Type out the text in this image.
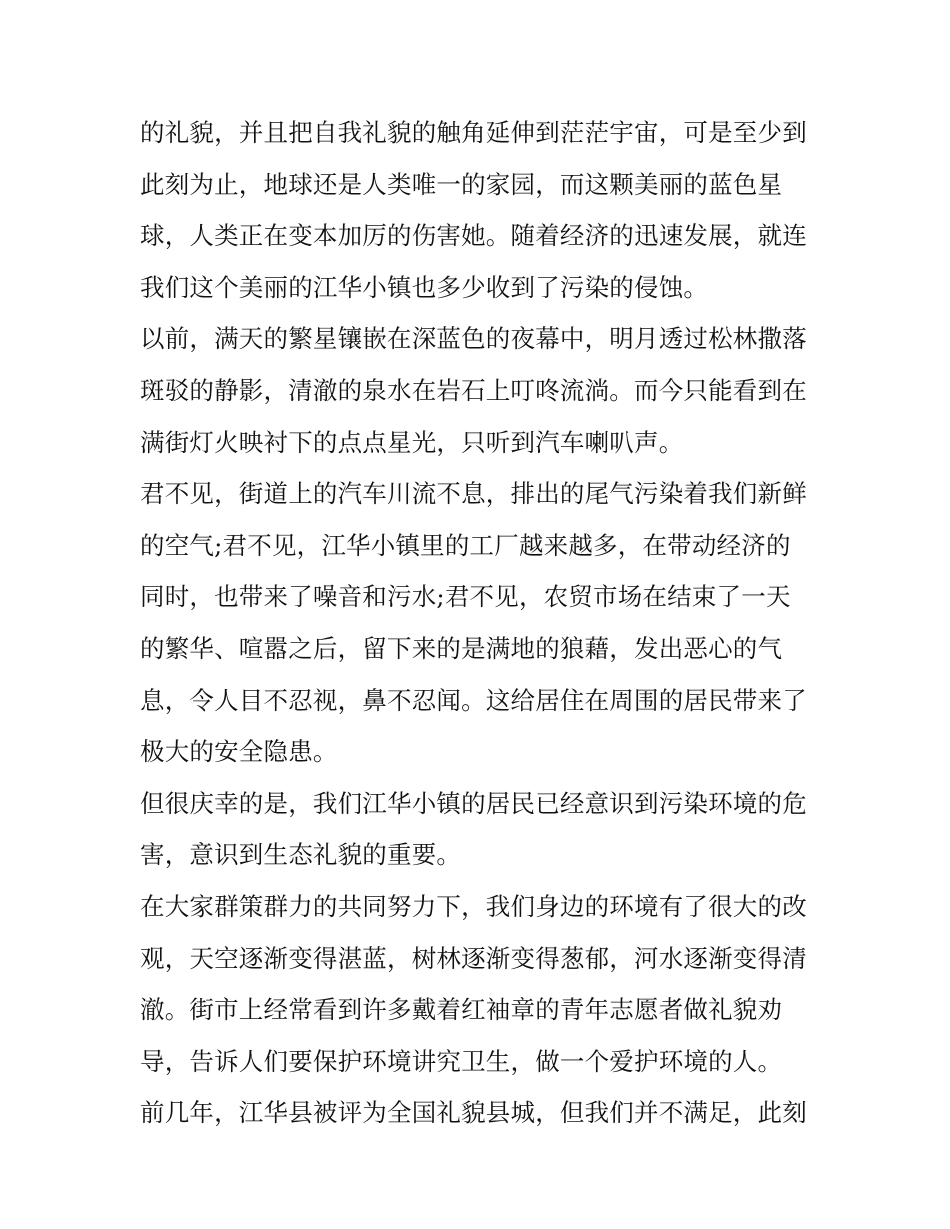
的礼貌，并且把自我礼貌的触角延伸到茫茫宇宙，可是至少到
此刻为止，地球还是人类唯一的家园，而这颗美丽的蓝色星
球，人类正在变本加厉的伤害她。随着经济的迅速发展，就连
我们这个美丽的江华小镇也多少收到了污染的侵蚀。
以前，满天的繁星镶嵌在深蓝色的夜幕中，明月透过松林撒落
斑驳的静影，清澈的泉水在岩石上叮咚流淌。而今只能看到在
满街灯火映衬下的点点星光，只听到汽车喇叭声。
君不见，街道上的汽车川流不息，排出的尾气污染着我们新鲜
的空气;君不见，江华小镇里的工厂越来越多，在带动经济的
同时，也带来了噪音和污水;君不见，农贸市场在结束了一天
的繁华、喧嚣之后，留下来的是满地的狼藉，发出恶心的气
息，令人目不忍视，鼻不忍闻。这给居住在周围的居民带来了
极大的安全隐患。
但很庆幸的是，我们江华小镇的居民已经意识到污染环境的危
害，意识到生态礼貌的重要。
在大家群策群力的共同努力下，我们身边的环境有了很大的改
观，天空逐渐变得湛蓝，树林逐渐变得葱郁，河水逐渐变得清
澈。街市上经常看到许多戴着红袖章的青年志愿者做礼貌劝
导，告诉人们要保护环境讲究卫生，做一个爱护环境的人。
前几年，江华县被评为全国礼貌县城，但我们并不满足，此刻
